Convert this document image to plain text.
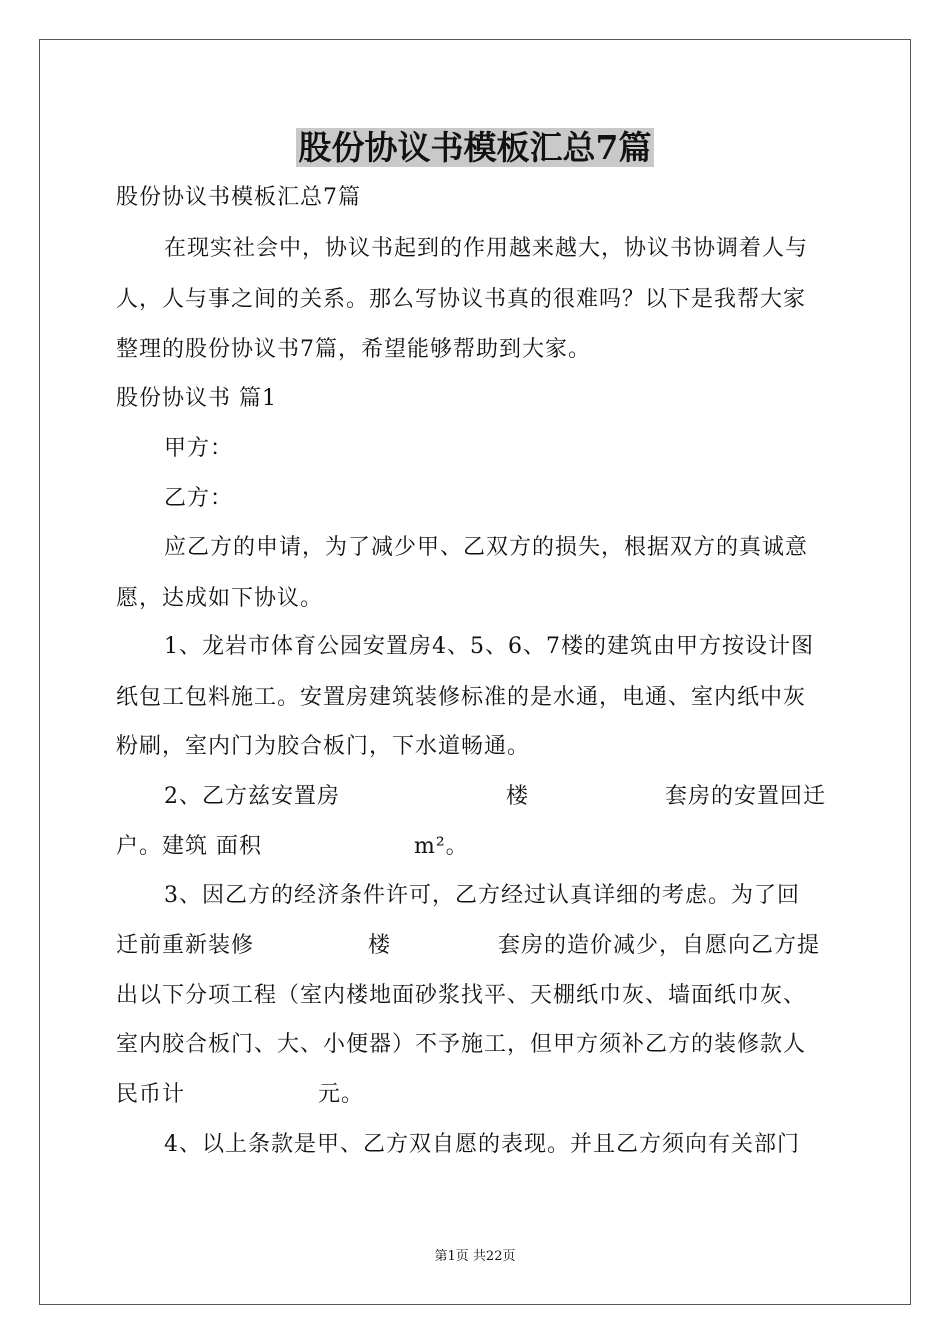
股份协议书模板汇总7篇
股份协议书模板汇总7篇
在现实社会中，协议书起到的作用越来越大，协议书协调着人与
人，人与事之间的关系。那么写协议书真的很难吗？以下是我帮大家
整理的股份协议书7篇，希望能够帮助到大家。
股份协议书 篇1
甲方：
乙方：
应乙方的申请，为了减少甲、乙双方的损失，根据双方的真诚意
愿，达成如下协议。
1、龙岩市体育公园安置房4、5、6、7楼的建筑由甲方按设计图
纸包工包料施工。安置房建筑装修标准的是水通，电通、室内纸中灰
粉刷，室内门为胶合板门，下水道畅通。
2、乙方兹安置房	楼	套房的安置回迁
户。建筑 面积	m²。
3、因乙方的经济条件许可，乙方经过认真详细的考虑。为了回
迁前重新装修	楼	套房的造价减少，自愿向乙方提
出以下分项工程（室内楼地面砂浆找平、天棚纸巾灰、墙面纸巾灰、
室内胶合板门、大、小便器）不予施工，但甲方须补乙方的装修款人
民币计	元。
4、以上条款是甲、乙方双自愿的表现。并且乙方须向有关部门
第1页 共22页
